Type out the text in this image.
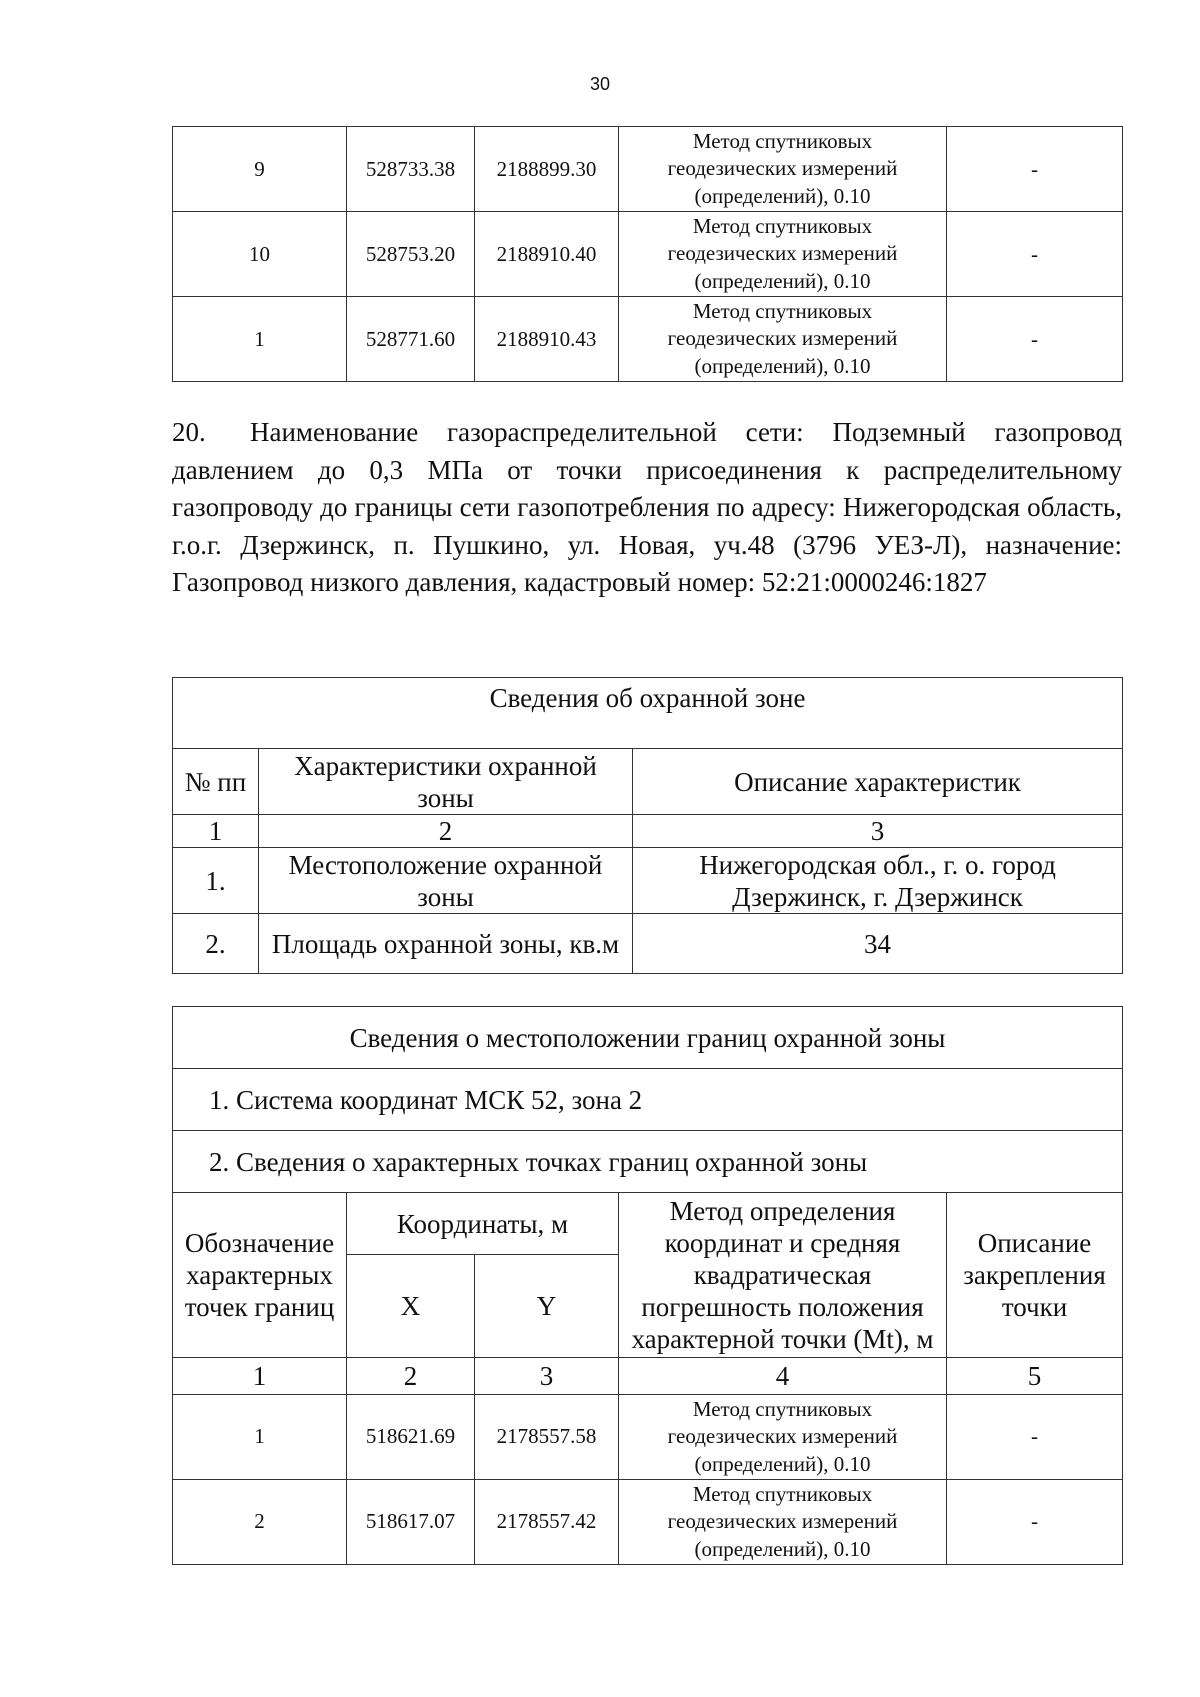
30
9	528733.38	2188899.30	Метод спутниковых
геодезических измерений
(определений), 0.10	-
10	528753.20	2188910.40	Метод спутниковых
геодезических измерений
(определений), 0.10	-
1	528771.60	2188910.43	Метод спутниковых
геодезических измерений
(определений), 0.10	-
20. Наименование газораспределительной сети: Подземный газопровод давлением до 0,3 МПа от точки присоединения к распределительному газопроводу до границы сети газопотребления по адресу: Нижегородская область, г.о.г. Дзержинск, п. Пушкино, ул. Новая, уч.48 (3796 УЕЗ-Л), назначение: Газопровод низкого давления, кадастровый номер: 52:21:0000246:1827
Сведения об охранной зоне		
№ пп	Характеристики охранной зоны	Описание характеристик
1	2	3
1.	Местоположение охранной зоны	Нижегородская обл., г. о. город Дзержинск, г. Дзержинск
2.	Площадь охранной зоны, кв.м	34
Сведения о местоположении границ охранной зоны				
1. Система координат МСК 52, зона 2				
2. Сведения о характерных точках границ охранной зоны				
Обозначение характерных точек границ	Координаты, м		Метод определения координат и средняя квадратическая погрешность положения характерной точки (Mt), м	Описание закрепления точки
	X	Y		
1	2	3	4	5
1	518621.69	2178557.58	Метод спутниковых
геодезических измерений
(определений), 0.10	-
2	518617.07	2178557.42	Метод спутниковых
геодезических измерений
(определений), 0.10	-
